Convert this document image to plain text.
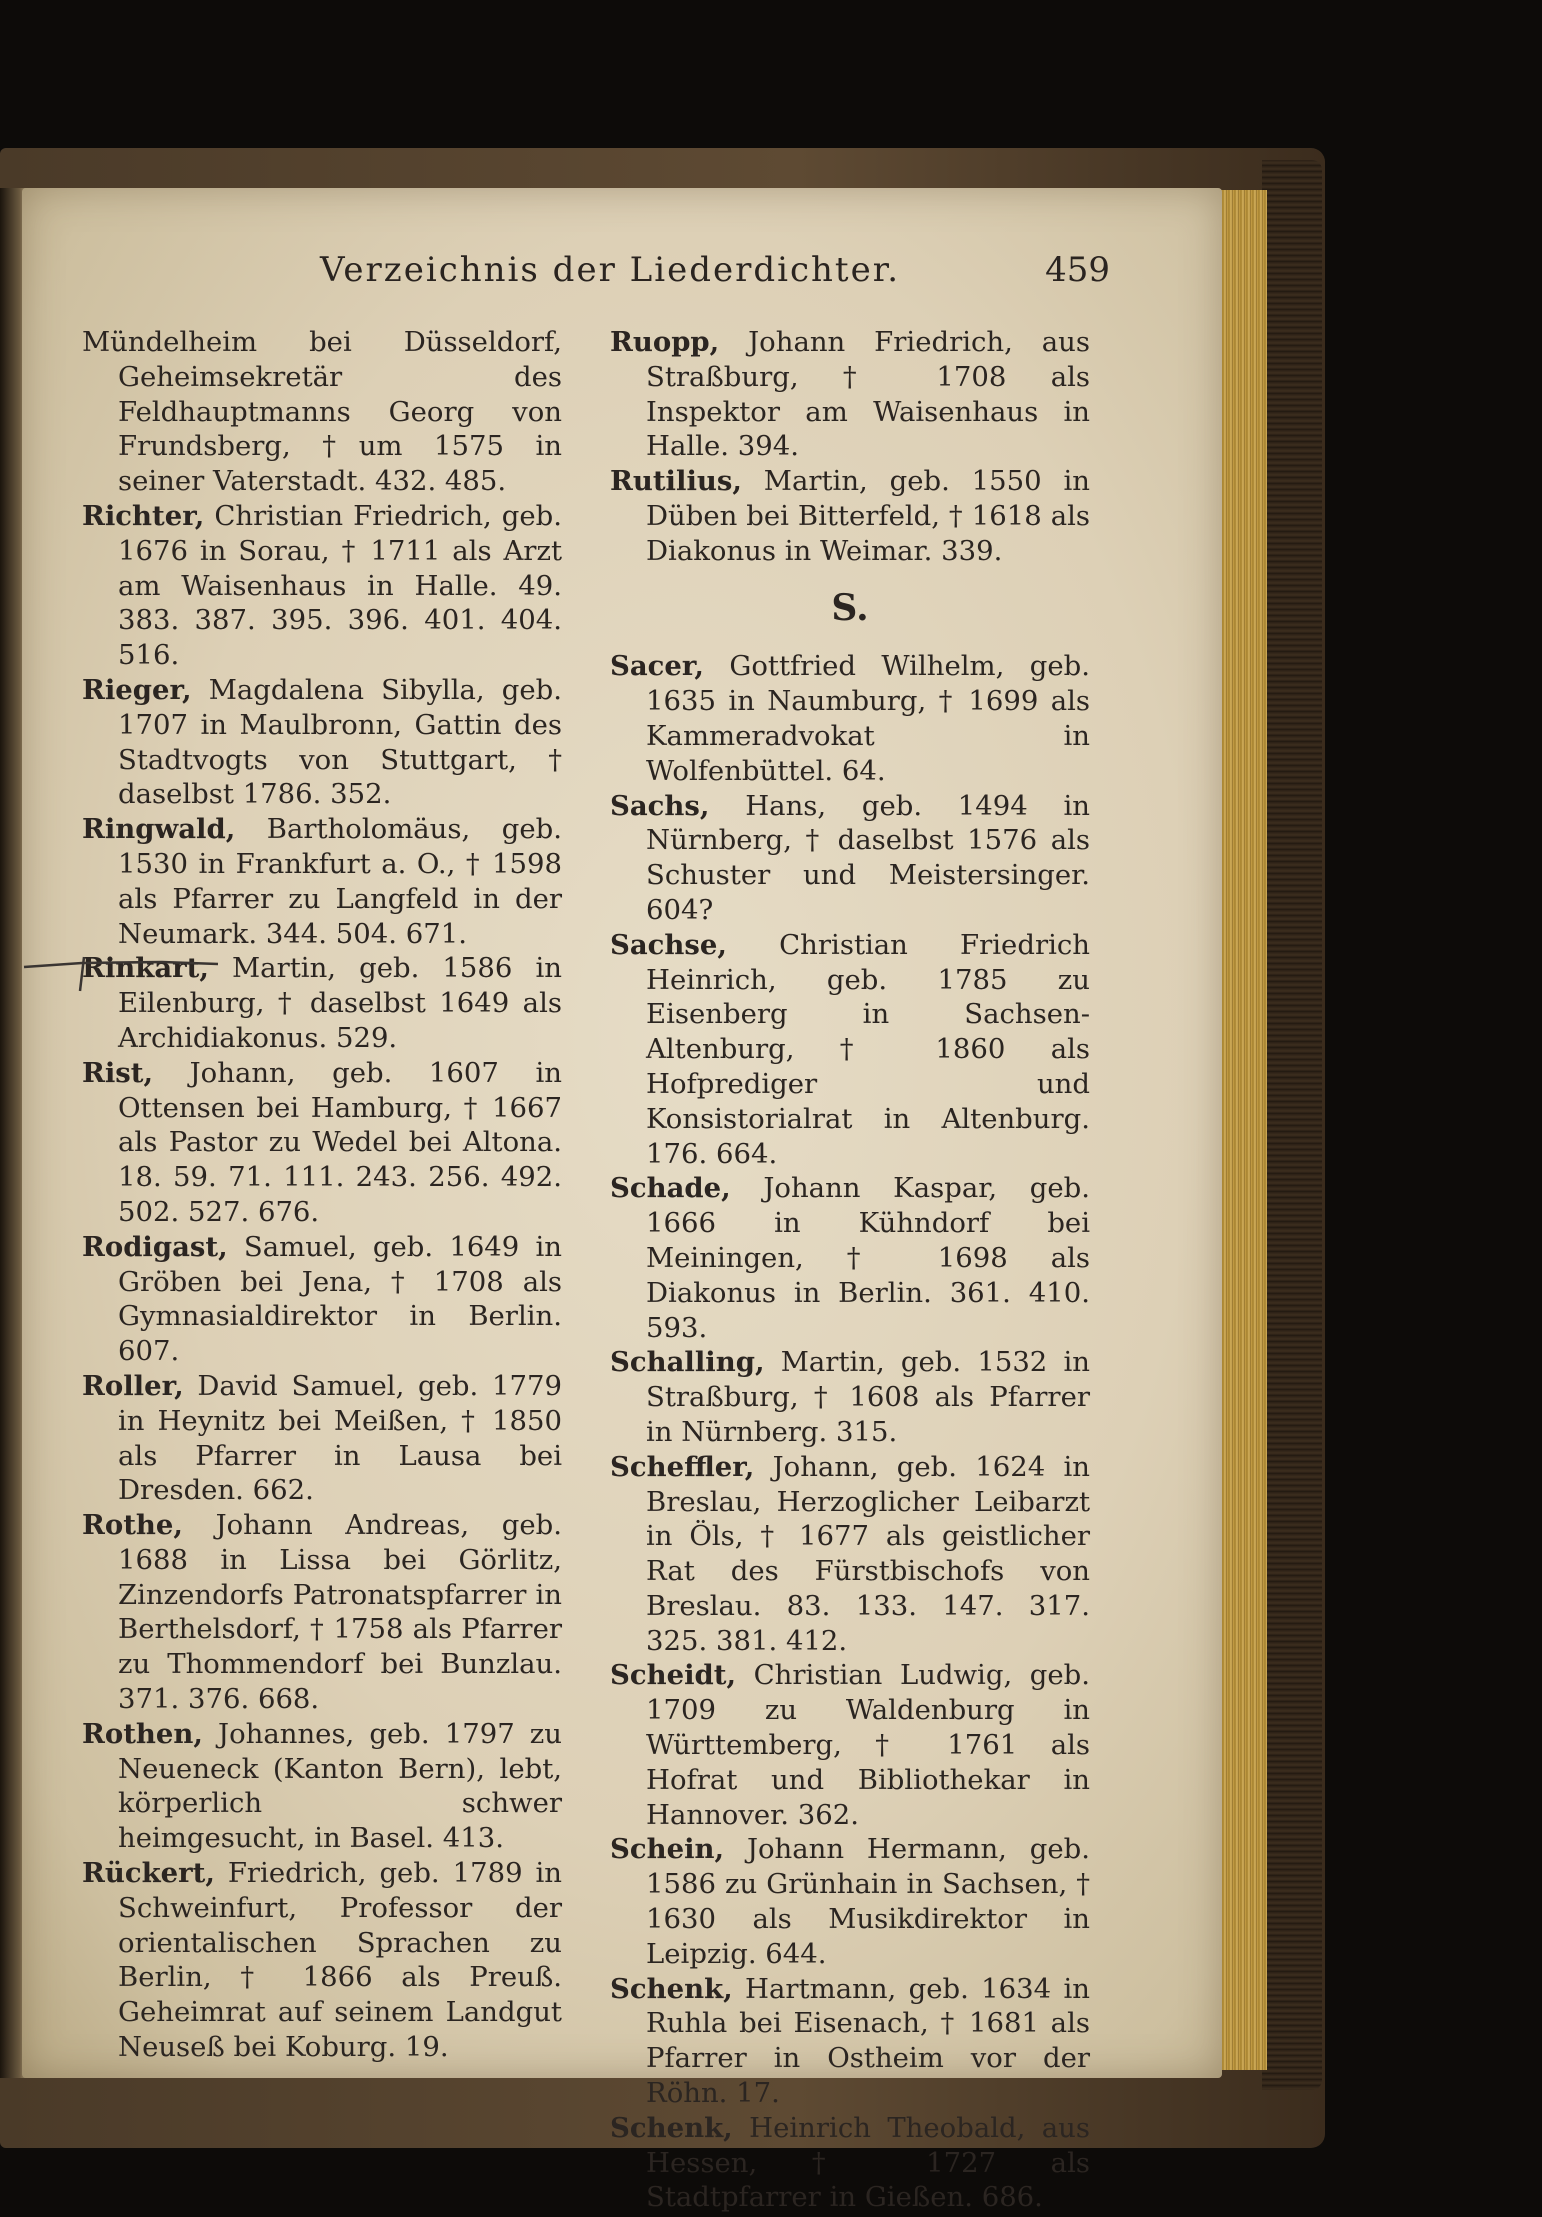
Verzeichnis der Liederdichter.	459

Mündelheim bei Düsseldorf, Geheimsekretär des Feldhauptmanns Georg von Frundsberg, †um 1575 in seiner Vaterstadt. 432. 485.

Richter, Christian Friedrich, geb. 1676 in Sorau, † 1711 als Arzt am Waisenhaus in Halle. 49. 383. 387. 395. 396. 401. 404. 516.

Rieger, Magdalena Sibylla, geb. 1707 in Maulbronn, Gattin des Stadtvogts von Stuttgart, † daselbst 1786. 352.

Ringwald, Bartholomäus, geb. 1530 in Frankfurt a. O., † 1598 als Pfarrer zu Langfeld in der Neumark. 344. 504. 671.

Rinkart, Martin, geb. 1586 in Eilenburg, † daselbst 1649 als Archidiakonus. 529.

Rist, Johann, geb. 1607 in Ottensen bei Hamburg, † 1667 als Pastor zu Wedel bei Altona. 18. 59. 71. 111. 243. 256. 492. 502. 527. 676.

Rodigast, Samuel, geb. 1649 in Gröben bei Jena, † 1708 als Gymnasialdirektor in Berlin. 607.

Roller, David Samuel, geb. 1779 in Heynitz bei Meißen, † 1850 als Pfarrer in Lausa bei Dresden. 662.

Rothe, Johann Andreas, geb. 1688 in Lissa bei Görlitz, Zinzendorfs Patronatspfarrer in Berthelsdorf, † 1758 als Pfarrer zu Thommendorf bei Bunzlau. 371. 376. 668.

Rothen, Johannes, geb. 1797 zu Neueneck (Kanton Bern), lebt, körperlich schwer heimgesucht, in Basel. 413.

Rückert, Friedrich, geb. 1789 in Schweinfurt, Professor der orientalischen Sprachen zu Berlin, † 1866 als Preuß. Geheimrat auf seinem Landgut Neuseß bei Koburg. 19.

Ruopp, Johann Friedrich, aus Straßburg, † 1708 als Inspektor am Waisenhaus in Halle. 394.

Rutilius, Martin, geb. 1550 in Düben bei Bitterfeld, † 1618 als Diakonus in Weimar. 339.

S.

Sacer, Gottfried Wilhelm, geb. 1635 in Naumburg, † 1699 als Kammeradvokat in Wolfenbüttel. 64.

Sachs, Hans, geb. 1494 in Nürnberg, † daselbst 1576 als Schuster und Meistersinger. 604?

Sachse, Christian Friedrich Heinrich, geb. 1785 zu Eisenberg in Sachsen-Altenburg, † 1860 als Hofprediger und Konsistorialrat in Altenburg. 176. 664.

Schade, Johann Kaspar, geb. 1666 in Kühndorf bei Meiningen, † 1698 als Diakonus in Berlin. 361. 410. 593.

Schalling, Martin, geb. 1532 in Straßburg, † 1608 als Pfarrer in Nürnberg. 315.

Scheffler, Johann, geb. 1624 in Breslau, Herzoglicher Leibarzt in Öls, † 1677 als geistlicher Rat des Fürstbischofs von Breslau. 83. 133. 147. 317. 325. 381. 412.

Scheidt, Christian Ludwig, geb. 1709 zu Waldenburg in Württemberg, † 1761 als Hofrat und Bibliothekar in Hannover. 362.

Schein, Johann Hermann, geb. 1586 zu Grünhain in Sachsen, † 1630 als Musikdirektor in Leipzig. 644.

Schenk, Hartmann, geb. 1634 in Ruhla bei Eisenach, † 1681 als Pfarrer in Ostheim vor der Röhn. 17.

Schenk, Heinrich Theobald, aus Hessen, † 1727 als Stadtpfarrer in Gießen. 686.
